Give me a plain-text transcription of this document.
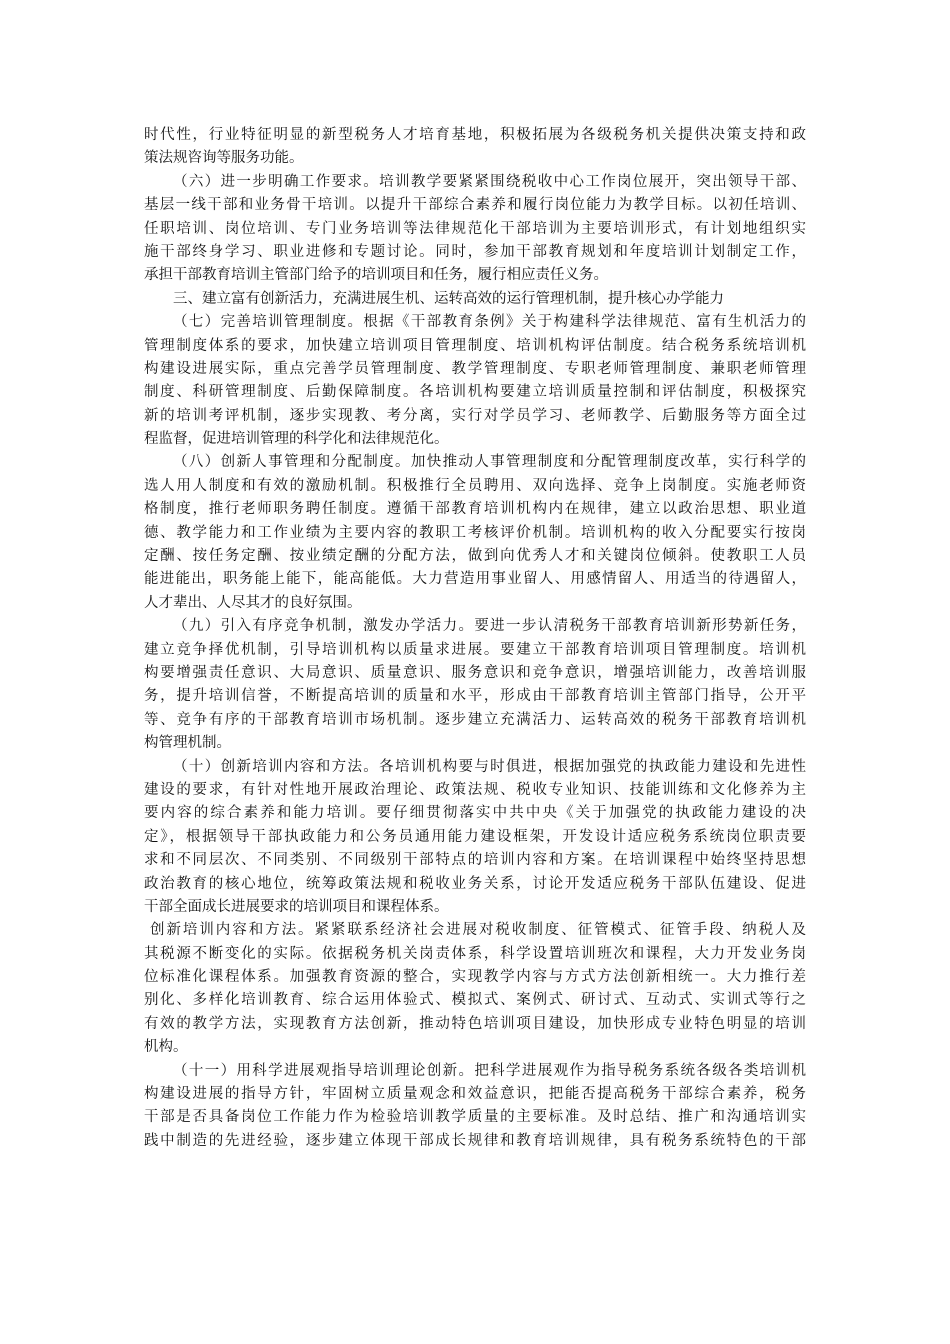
时代性，行业特征明显的新型税务人才培育基地，积极拓展为各级税务机关提供决策支持和政
策法规咨询等服务功能。
（六）进一步明确工作要求。培训教学要紧紧围绕税收中心工作岗位展开，突出领导干部、
基层一线干部和业务骨干培训。以提升干部综合素养和履行岗位能力为教学目标。以初任培训、
任职培训、岗位培训、专门业务培训等法律规范化干部培训为主要培训形式，有计划地组织实
施干部终身学习、职业进修和专题讨论。同时，参加干部教育规划和年度培训计划制定工作，
承担干部教育培训主管部门给予的培训项目和任务，履行相应责任义务。
三、建立富有创新活力，充满进展生机、运转高效的运行管理机制，提升核心办学能力
（七）完善培训管理制度。根据《干部教育条例》关于构建科学法律规范、富有生机活力的
管理制度体系的要求，加快建立培训项目管理制度、培训机构评估制度。结合税务系统培训机
构建设进展实际，重点完善学员管理制度、教学管理制度、专职老师管理制度、兼职老师管理
制度、科研管理制度、后勤保障制度。各培训机构要建立培训质量控制和评估制度，积极探究
新的培训考评机制，逐步实现教、考分离，实行对学员学习、老师教学、后勤服务等方面全过
程监督，促进培训管理的科学化和法律规范化。
（八）创新人事管理和分配制度。加快推动人事管理制度和分配管理制度改革，实行科学的
选人用人制度和有效的激励机制。积极推行全员聘用、双向选择、竞争上岗制度。实施老师资
格制度，推行老师职务聘任制度。遵循干部教育培训机构内在规律，建立以政治思想、职业道
德、教学能力和工作业绩为主要内容的教职工考核评价机制。培训机构的收入分配要实行按岗
定酬、按任务定酬、按业绩定酬的分配方法，做到向优秀人才和关键岗位倾斜。使教职工人员
能进能出，职务能上能下，能高能低。大力营造用事业留人、用感情留人、用适当的待遇留人，
人才辈出、人尽其才的良好氛围。
（九）引入有序竞争机制，激发办学活力。要进一步认清税务干部教育培训新形势新任务，
建立竞争择优机制，引导培训机构以质量求进展。要建立干部教育培训项目管理制度。培训机
构要增强责任意识、大局意识、质量意识、服务意识和竞争意识，增强培训能力，改善培训服
务，提升培训信誉，不断提高培训的质量和水平，形成由干部教育培训主管部门指导，公开平
等、竞争有序的干部教育培训市场机制。逐步建立充满活力、运转高效的税务干部教育培训机
构管理机制。
（十）创新培训内容和方法。各培训机构要与时俱进，根据加强党的执政能力建设和先进性
建设的要求，有针对性地开展政治理论、政策法规、税收专业知识、技能训练和文化修养为主
要内容的综合素养和能力培训。要仔细贯彻落实中共中央《关于加强党的执政能力建设的决
定》，根据领导干部执政能力和公务员通用能力建设框架，开发设计适应税务系统岗位职责要
求和不同层次、不同类别、不同级别干部特点的培训内容和方案。在培训课程中始终坚持思想
政治教育的核心地位，统筹政策法规和税收业务关系，讨论开发适应税务干部队伍建设、促进
干部全面成长进展要求的培训项目和课程体系。
创新培训内容和方法。紧紧联系经济社会进展对税收制度、征管模式、征管手段、纳税人及
其税源不断变化的实际。依据税务机关岗责体系，科学设置培训班次和课程，大力开发业务岗
位标准化课程体系。加强教育资源的整合，实现教学内容与方式方法创新相统一。大力推行差
别化、多样化培训教育、综合运用体验式、模拟式、案例式、研讨式、互动式、实训式等行之
有效的教学方法，实现教育方法创新，推动特色培训项目建设，加快形成专业特色明显的培训
机构。
（十一）用科学进展观指导培训理论创新。把科学进展观作为指导税务系统各级各类培训机
构建设进展的指导方针，牢固树立质量观念和效益意识，把能否提高税务干部综合素养，税务
干部是否具备岗位工作能力作为检验培训教学质量的主要标准。及时总结、推广和沟通培训实
践中制造的先进经验，逐步建立体现干部成长规律和教育培训规律，具有税务系统特色的干部
